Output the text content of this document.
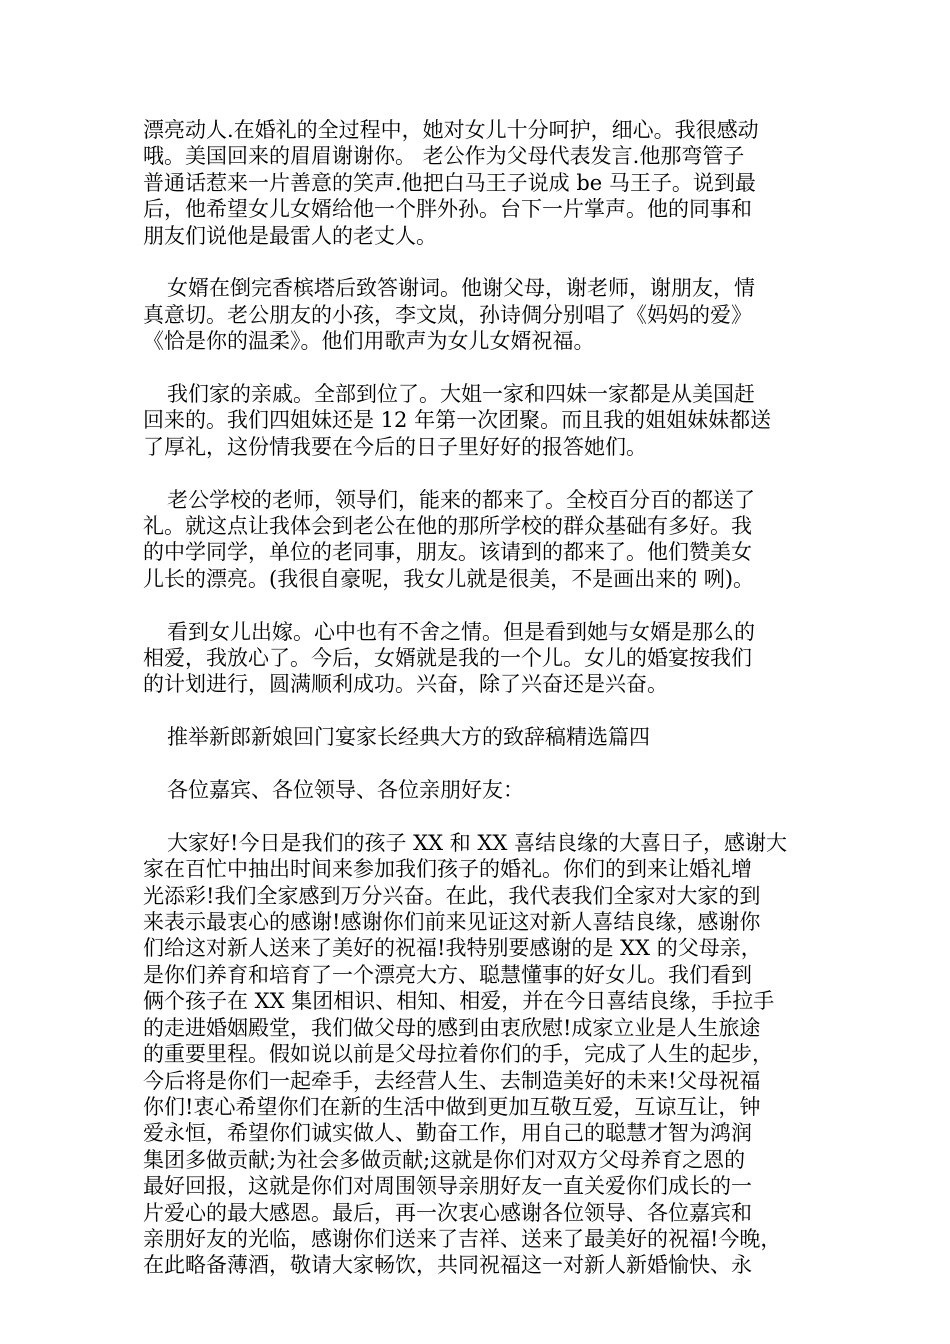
漂亮动人.在婚礼的全过程中，她对女儿十分呵护，细心。我很感动
哦。美国回来的眉眉谢谢你。 老公作为父母代表发言.他那弯管子
普通话惹来一片善意的笑声.他把白马王子说成 be 马王子。说到最
后，他希望女儿女婿给他一个胖外孙。台下一片掌声。他的同事和
朋友们说他是最雷人的老丈人。
女婿在倒完香槟塔后致答谢词。他谢父母，谢老师，谢朋友，情
真意切。老公朋友的小孩，李文岚，孙诗倜分别唱了《妈妈的爱》
《恰是你的温柔》。他们用歌声为女儿女婿祝福。
我们家的亲戚。全部到位了。大姐一家和四妹一家都是从美国赶
回来的。我们四姐妹还是 12 年第一次团聚。而且我的姐姐妹妹都送
了厚礼，这份情我要在今后的日子里好好的报答她们。
老公学校的老师，领导们，能来的都来了。全校百分百的都送了
礼。就这点让我体会到老公在他的那所学校的群众基础有多好。我
的中学同学，单位的老同事，朋友。该请到的都来了。他们赞美女
儿长的漂亮。(我很自豪呢，我女儿就是很美，不是画出来的 咧)。
看到女儿出嫁。心中也有不舍之情。但是看到她与女婿是那么的
相爱，我放心了。今后，女婿就是我的一个儿。女儿的婚宴按我们
的计划进行，圆满顺利成功。兴奋，除了兴奋还是兴奋。
推举新郎新娘回门宴家长经典大方的致辞稿精选篇四
各位嘉宾、各位领导、各位亲朋好友：
大家好!今日是我们的孩子 XX 和 XX 喜结良缘的大喜日子，感谢大
家在百忙中抽出时间来参加我们孩子的婚礼。你们的到来让婚礼增
光添彩!我们全家感到万分兴奋。在此，我代表我们全家对大家的到
来表示最衷心的感谢!感谢你们前来见证这对新人喜结良缘，感谢你
们给这对新人送来了美好的祝福!我特别要感谢的是 XX 的父母亲，
是你们养育和培育了一个漂亮大方、聪慧懂事的好女儿。我们看到
俩个孩子在 XX 集团相识、相知、相爱，并在今日喜结良缘，手拉手
的走进婚姻殿堂，我们做父母的感到由衷欣慰!成家立业是人生旅途
的重要里程。假如说以前是父母拉着你们的手，完成了人生的起步，
今后将是你们一起牵手，去经营人生、去制造美好的未来!父母祝福
你们!衷心希望你们在新的生活中做到更加互敬互爱，互谅互让，钟
爱永恒，希望你们诚实做人、勤奋工作，用自己的聪慧才智为鸿润
集团多做贡献;为社会多做贡献;这就是你们对双方父母养育之恩的
最好回报，这就是你们对周围领导亲朋好友一直关爱你们成长的一
片爱心的最大感恩。最后，再一次衷心感谢各位领导、各位嘉宾和
亲朋好友的光临，感谢你们送来了吉祥、送来了最美好的祝福!今晚，
在此略备薄酒，敬请大家畅饮，共同祝福这一对新人新婚愉快、永
